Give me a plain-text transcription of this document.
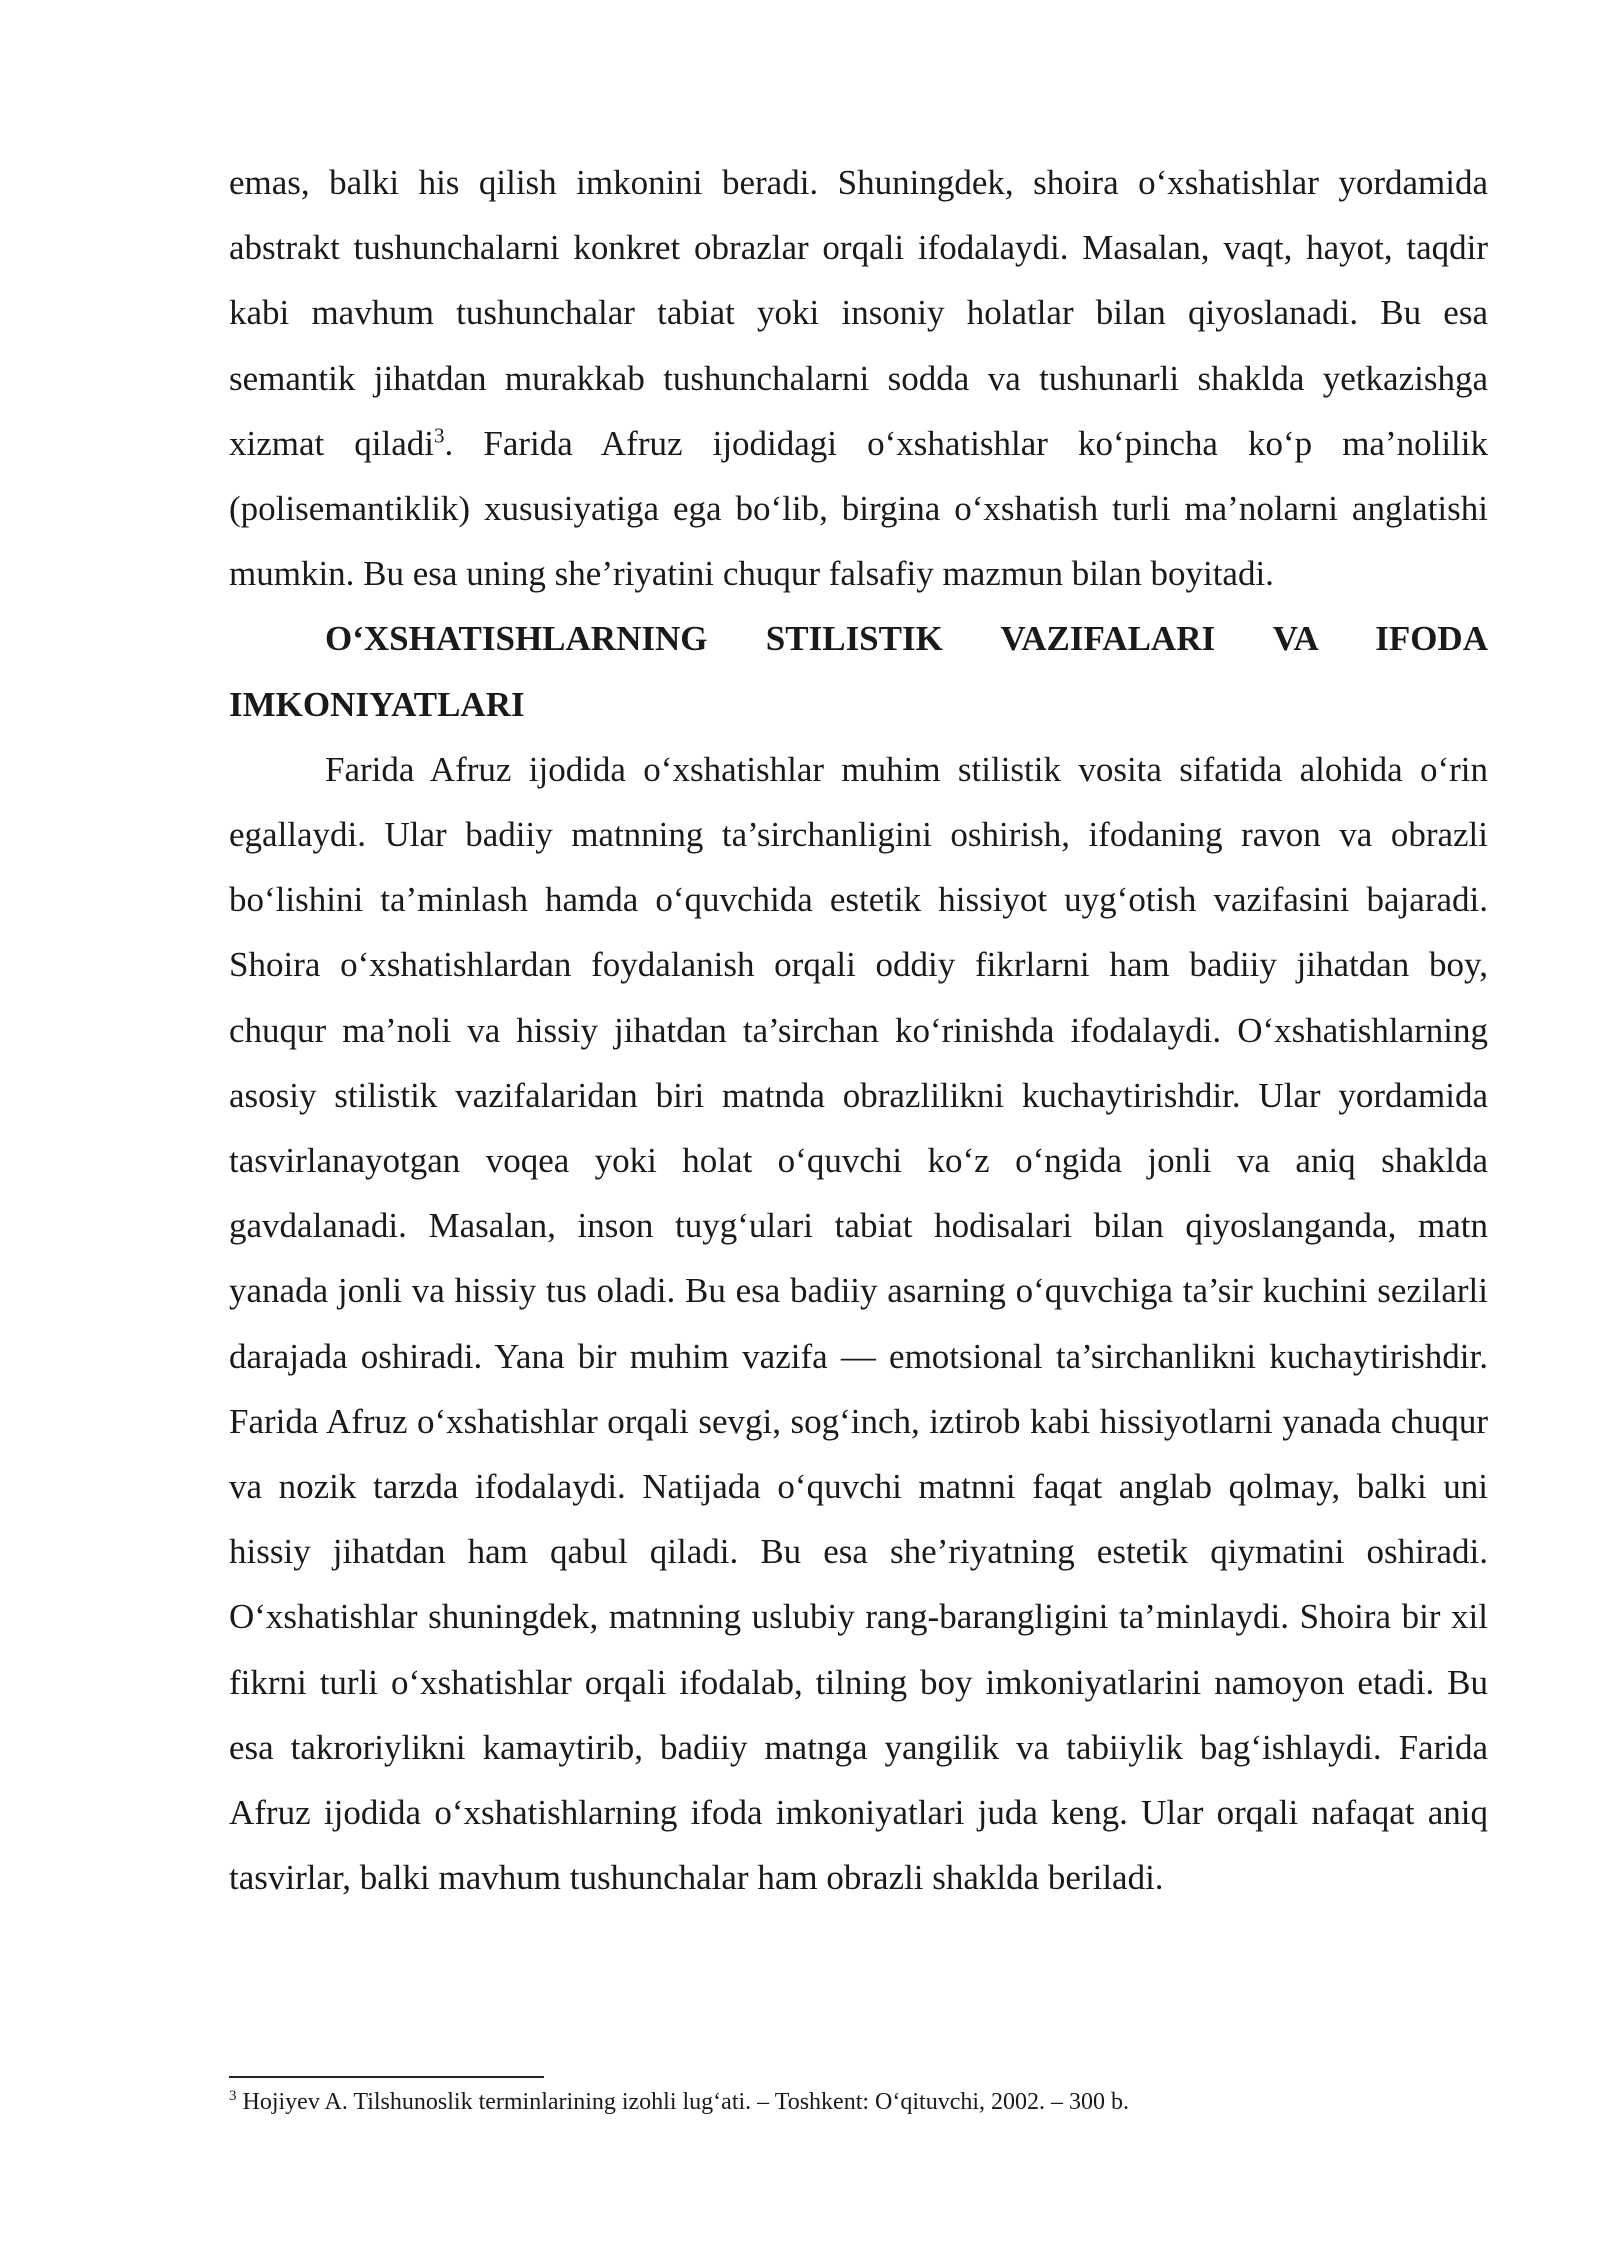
emas, balki his qilish imkonini beradi. Shuningdek, shoira o‘xshatishlar yordamida abstrakt tushunchalarni konkret obrazlar orqali ifodalaydi. Masalan, vaqt, hayot, taqdir kabi mavhum tushunchalar tabiat yoki insoniy holatlar bilan qiyoslanadi. Bu esa semantik jihatdan murakkab tushunchalarni sodda va tushunarli shaklda yetkazishga xizmat qiladi$^3$. Farida Afruz ijodidagi o‘xshatishlar ko‘pincha ko‘p ma’nolilik (polisemantiklik) xususiyatiga ega bo‘lib, birgina o‘xshatish turli ma’nolarni anglatishi mumkin. Bu esa uning she’riyatini chuqur falsafiy mazmun bilan boyitadi.

O‘XSHATISHLARNING STILISTIK VAZIFALARI VA IFODA IMKONIYATLARI

Farida Afruz ijodida o‘xshatishlar muhim stilistik vosita sifatida alohida o‘rin egallaydi. Ular badiiy matnning ta’sirchanligini oshirish, ifodaning ravon va obrazli bo‘lishini ta’minlash hamda o‘quvchida estetik hissiyot uyg‘otish vazifasini bajaradi. Shoira o‘xshatishlardan foydalanish orqali oddiy fikrlarni ham badiiy jihatdan boy, chuqur ma’noli va hissiy jihatdan ta’sirchan ko‘rinishda ifodalaydi. O‘xshatishlarning asosiy stilistik vazifalaridan biri matnda obrazlilikni kuchaytirishdir. Ular yordamida tasvirlanayotgan voqea yoki holat o‘quvchi ko‘z o‘ngida jonli va aniq shaklda gavdalanadi. Masalan, inson tuyg‘ulari tabiat hodisalari bilan qiyoslanganda, matn yanada jonli va hissiy tus oladi. Bu esa badiiy asarning o‘quvchiga ta’sir kuchini sezilarli darajada oshiradi. Yana bir muhim vazifa — emotsional ta’sirchanlikni kuchaytirishdir. Farida Afruz o‘xshatishlar orqali sevgi, sog‘inch, iztirob kabi hissiyotlarni yanada chuqur va nozik tarzda ifodalaydi. Natijada o‘quvchi matnni faqat anglab qolmay, balki uni hissiy jihatdan ham qabul qiladi. Bu esa she’riyatning estetik qiymatini oshiradi. O‘xshatishlar shuningdek, matnning uslubiy rang-barangligini ta’minlaydi. Shoira bir xil fikrni turli o‘xshatishlar orqali ifodalab, tilning boy imkoniyatlarini namoyon etadi. Bu esa takroriylikni kamaytirib, badiiy matnga yangilik va tabiiylik bag‘ishlaydi. Farida Afruz ijodida o‘xshatishlarning ifoda imkoniyatlari juda keng. Ular orqali nafaqat aniq tasvirlar, balki mavhum tushunchalar ham obrazli shaklda beriladi.

$^3$ Hojiyev A. Tilshunoslik terminlarining izohli lug‘ati. – Toshkent: O‘qituvchi, 2002. – 300 b.
